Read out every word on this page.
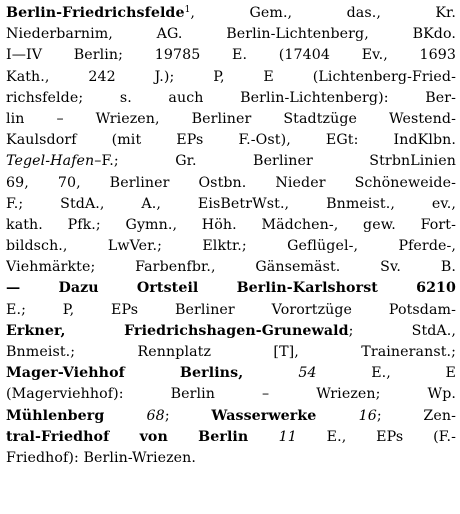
Berlin-Friedrichsfelde$^1$, Gem., das., Kr.
Niederbarnim, AG. Berlin-Lichtenberg, BKdo.
I—IV Berlin; 19785 E. (17404 Ev., 1693
Kath., 242 J.); P, E (Lichtenberg-Fried-
richsfelde; s. auch Berlin-Lichtenberg): Ber-
lin – Wriezen, Berliner Stadtzüge Westend-
Kaulsdorf (mit EPs F.-Ost), EGt: IndKlbn.
Tegel-Hafen–F.; Gr. Berliner StrbnLinien
69, 70, Berliner Ostbn. Nieder Schöneweide-
F.; StdA., A., EisBetrWst., Bnmeist., ev.,
kath. Pfk.; Gymn., Höh. Mädchen-, gew. Fort-
bildsch., LwVer.; Elktr.; Geflügel-, Pferde-,
Viehmärkte; Farbenfbr., Gänsemäst. Sv. B.
— Dazu Ortsteil Berlin-Karlshorst 6210
E.; P, EPs Berliner Vorortzüge Potsdam-
Erkner, Friedrichshagen-Grunewald; StdA.,
Bnmeist.; Rennplatz [T], Traineranst.;
Mager-Viehhof Berlins, 54 E., E
(Magerviehhof): Berlin – Wriezen; Wp.
Mühlenberg 68; Wasserwerke 16; Zen-
tral-Friedhof von Berlin 11 E., EPs (F.-
Friedhof): Berlin-Wriezen.
